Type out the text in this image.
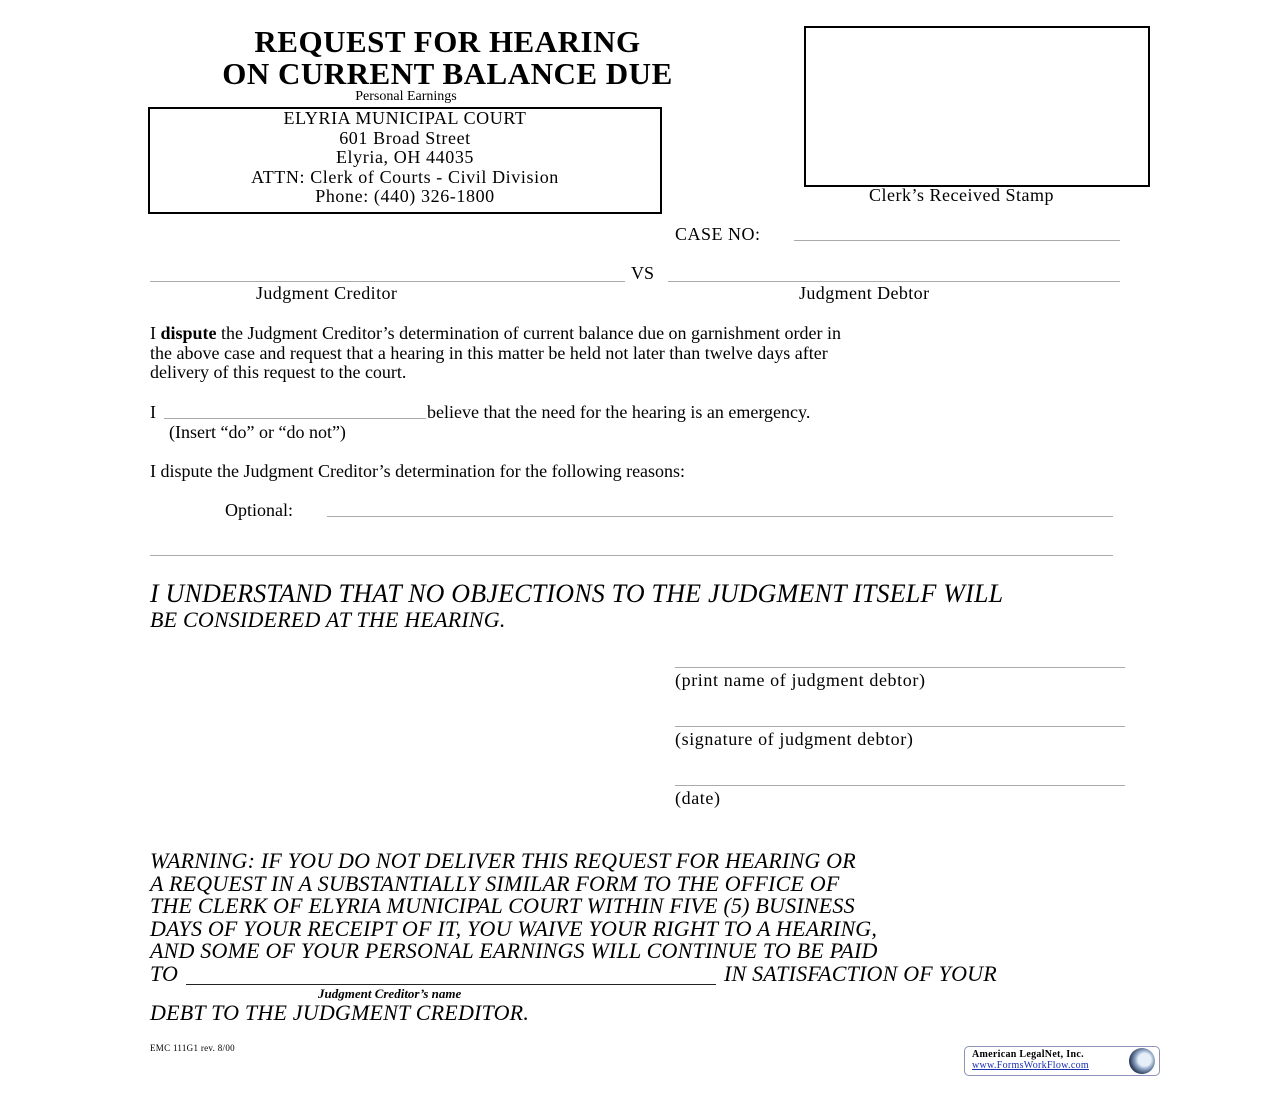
REQUEST FOR HEARING
ON CURRENT BALANCE DUE
Personal Earnings
ELYRIA MUNICIPAL COURT
601 Broad Street
Elyria, OH 44035
ATTN: Clerk of Courts - Civil Division
Phone: (440) 326-1800	Clerk’s Received Stamp
CASE NO:
VS
Judgment Creditor	Judgment Debtor
I dispute the Judgment Creditor’s determination of current balance due on garnishment order in
the above case and request that a hearing in this matter be held not later than twelve days after
delivery of this request to the court.
I	believe that the need for the hearing is an emergency.
(Insert “do” or “do not”)
I dispute the Judgment Creditor’s determination for the following reasons:
Optional:
I UNDERSTAND THAT NO OBJECTIONS TO THE JUDGMENT ITSELF WILL
BE CONSIDERED AT THE HEARING.
(print name of judgment debtor)
(signature of judgment debtor)
(date)
WARNING: IF YOU DO NOT DELIVER THIS REQUEST FOR HEARING OR
A REQUEST IN A SUBSTANTIALLY SIMILAR FORM TO THE OFFICE OF
THE CLERK OF ELYRIA MUNICIPAL COURT WITHIN FIVE (5) BUSINESS
DAYS OF YOUR RECEIPT OF IT, YOU WAIVE YOUR RIGHT TO A HEARING,
AND SOME OF YOUR PERSONAL EARNINGS WILL CONTINUE TO BE PAID
TO	IN SATISFACTION OF YOUR
Judgment Creditor’s name
DEBT TO THE JUDGMENT CREDITOR.
EMC 111G1 rev. 8/00
American LegalNet, Inc.
www.FormsWorkFlow.com
